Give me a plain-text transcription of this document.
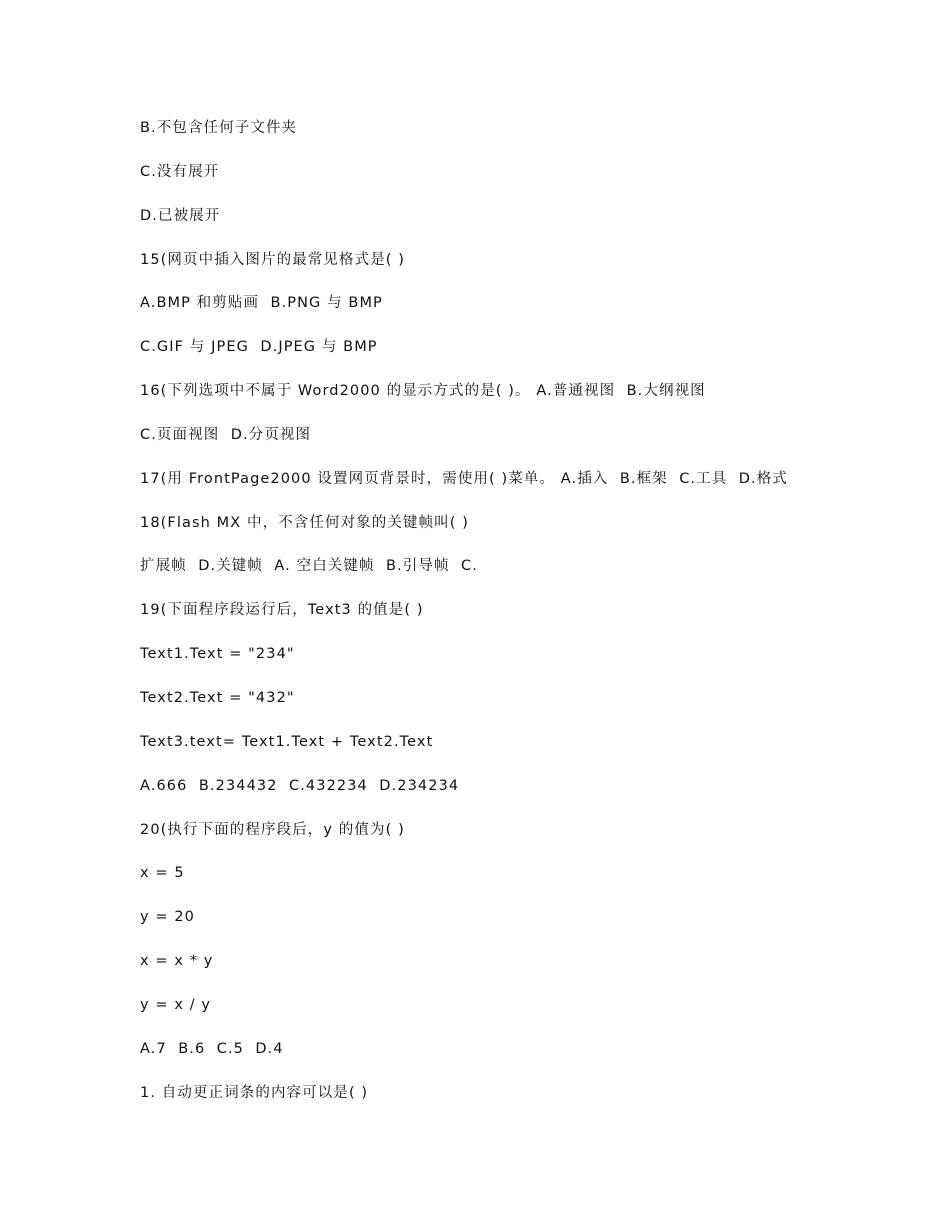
B.不包含任何子文件夹
C.没有展开
D.已被展开
15(网页中插入图片的最常见格式是( )
A.BMP 和剪贴画  B.PNG 与 BMP
C.GIF 与 JPEG  D.JPEG 与 BMP
16(下列选项中不属于 Word2000 的显示方式的是( )。 A.普通视图  B.大纲视图
C.页面视图  D.分页视图
17(用 FrontPage2000 设置网页背景时，需使用( )菜单。 A.插入  B.框架  C.工具  D.格式
18(Flash MX 中，不含任何对象的关键帧叫( )
扩展帧  D.关键帧  A. 空白关键帧  B.引导帧  C.
19(下面程序段运行后，Text3 的值是( )
Text1.Text = "234"
Text2.Text = "432"
Text3.text= Text1.Text + Text2.Text
A.666  B.234432  C.432234  D.234234
20(执行下面的程序段后，y 的值为( )
x = 5
y = 20
x = x * y
y = x / y
A.7  B.6  C.5  D.4
1. 自动更正词条的内容可以是( )
